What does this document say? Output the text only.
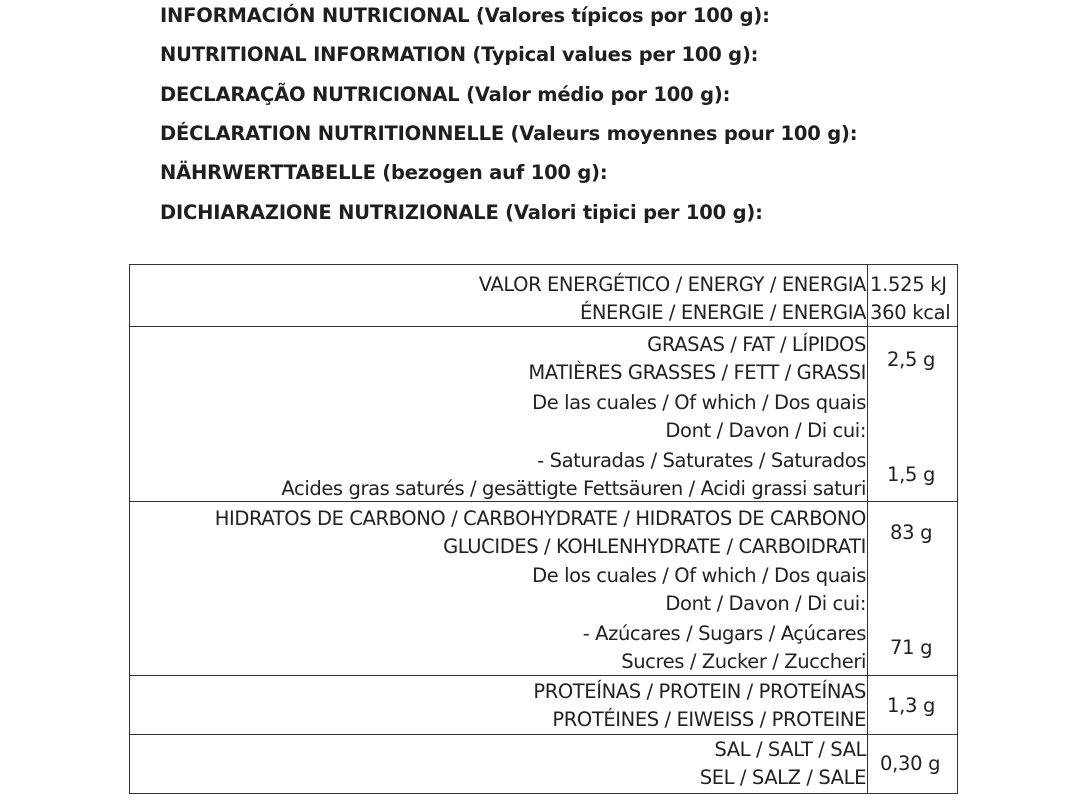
INFORMACIÓN NUTRICIONAL (Valores típicos por 100 g):
NUTRITIONAL INFORMATION (Typical values per 100 g):
DECLARAÇÃO NUTRICIONAL (Valor médio por 100 g):
DÉCLARATION NUTRITIONNELLE (Valeurs moyennes pour 100 g):
NÄHRWERTTABELLE (bezogen auf 100 g):
DICHIARAZIONE NUTRIZIONALE (Valori tipici per 100 g):
VALOR ENERGÉTICO / ENERGY / ENERGIA
ÉNERGIE / ENERGIE / ENERGIA
1.525 kJ
360 kcal
GRASAS / FAT / LÍPIDOS
MATIÈRES GRASSES / FETT / GRASSI
2,5 g
De las cuales / Of which / Dos quais
Dont / Davon / Di cui:
- Saturadas / Saturates / Saturados
Acides gras saturés / gesättigte Fettsäuren / Acidi grassi saturi
1,5 g
HIDRATOS DE CARBONO / CARBOHYDRATE / HIDRATOS DE CARBONO
GLUCIDES / KOHLENHYDRATE / CARBOIDRATI
83 g
De los cuales / Of which / Dos quais
Dont / Davon / Di cui:
- Azúcares / Sugars / Açúcares
Sucres / Zucker / Zuccheri
71 g
PROTEÍNAS / PROTEIN / PROTEÍNAS
PROTÉINES / EIWEISS / PROTEINE
1,3 g
SAL / SALT / SAL
SEL / SALZ / SALE
0,30 g
